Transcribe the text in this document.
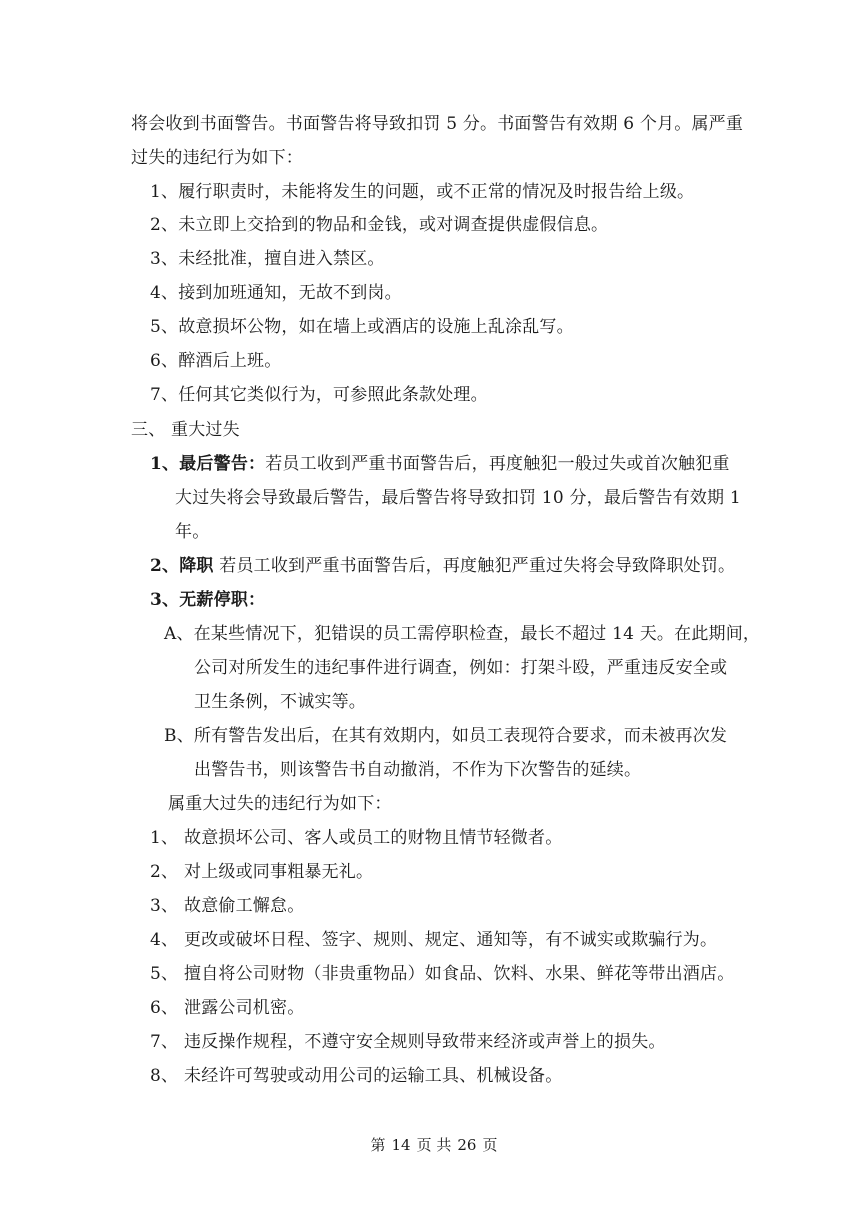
将会收到书面警告。书面警告将导致扣罚 5 分。书面警告有效期 6 个月。属严重
过失的违纪行为如下：
1、履行职责时，未能将发生的问题，或不正常的情况及时报告给上级。
2、未立即上交拾到的物品和金钱，或对调查提供虚假信息。
3、未经批准，擅自进入禁区。
4、接到加班通知，无故不到岗。
5、故意损坏公物，如在墙上或酒店的设施上乱涂乱写。
6、醉酒后上班。
7、任何其它类似行为，可参照此条款处理。
三、 重大过失
1、最后警告：若员工收到严重书面警告后，再度触犯一般过失或首次触犯重
大过失将会导致最后警告，最后警告将导致扣罚 10 分，最后警告有效期 1
年。
2、降职 若员工收到严重书面警告后，再度触犯严重过失将会导致降职处罚。
3、无薪停职：
A、在某些情况下，犯错误的员工需停职检查，最长不超过 14 天。在此期间，
公司对所发生的违纪事件进行调查，例如：打架斗殴，严重违反安全或
卫生条例，不诚实等。
B、所有警告发出后，在其有效期内，如员工表现符合要求，而未被再次发
出警告书，则该警告书自动撤消，不作为下次警告的延续。
属重大过失的违纪行为如下：
1、 故意损坏公司、客人或员工的财物且情节轻微者。
2、 对上级或同事粗暴无礼。
3、 故意偷工懈怠。
4、 更改或破坏日程、签字、规则、规定、通知等，有不诚实或欺骗行为。
5、 擅自将公司财物（非贵重物品）如食品、饮料、水果、鲜花等带出酒店。
6、 泄露公司机密。
7、 违反操作规程，不遵守安全规则导致带来经济或声誉上的损失。
8、 未经许可驾驶或动用公司的运输工具、机械设备。
第 14 页 共 26 页
